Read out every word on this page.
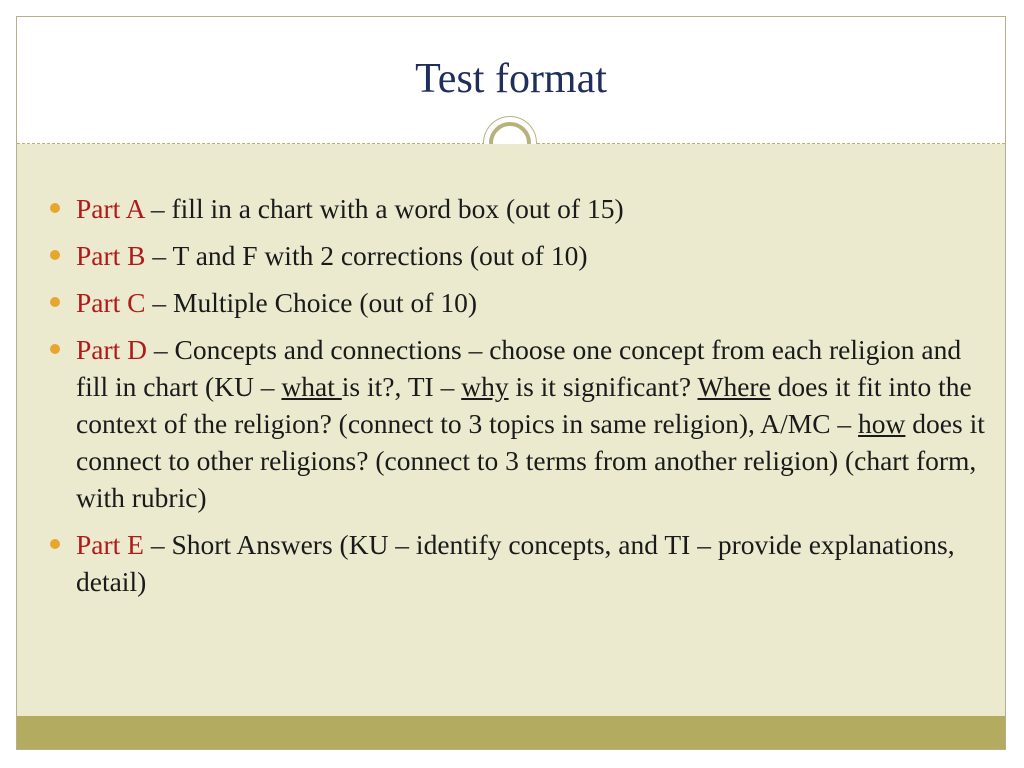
Test format
Part A – fill in a chart with a word box (out of 15)
Part B – T and F with 2 corrections (out of 10)
Part C – Multiple Choice (out of 10)
Part D – Concepts and connections – choose one concept from each religion and fill in chart (KU – what is it?, TI – why is it significant? Where does it fit into the context of the religion? (connect to 3 topics in same religion), A/MC – how does it connect to other religions? (connect to 3 terms from another religion) (chart form, with rubric)
Part E – Short Answers (KU – identify concepts, and TI – provide explanations, detail)
